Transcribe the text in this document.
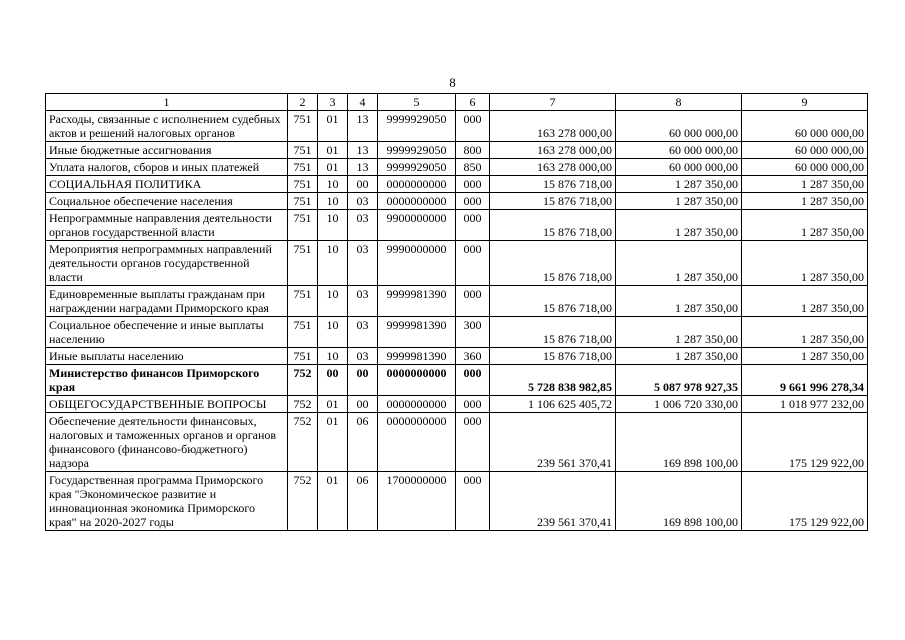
8
1	2	3	4	5	6	7	8	9
Расходы, связанные с исполнением судебных актов и решений налоговых органов	751	01	13	9999929050	000	163 278 000,00	60 000 000,00	60 000 000,00
Иные бюджетные ассигнования	751	01	13	9999929050	800	163 278 000,00	60 000 000,00	60 000 000,00
Уплата налогов, сборов и иных платежей	751	01	13	9999929050	850	163 278 000,00	60 000 000,00	60 000 000,00
СОЦИАЛЬНАЯ ПОЛИТИКА	751	10	00	0000000000	000	15 876 718,00	1 287 350,00	1 287 350,00
Социальное обеспечение населения	751	10	03	0000000000	000	15 876 718,00	1 287 350,00	1 287 350,00
Непрограммные направления деятельности органов государственной власти	751	10	03	9900000000	000	15 876 718,00	1 287 350,00	1 287 350,00
Мероприятия непрограммных направлений деятельности органов государственной власти	751	10	03	9990000000	000	15 876 718,00	1 287 350,00	1 287 350,00
Единовременные выплаты гражданам при награждении наградами Приморского края	751	10	03	9999981390	000	15 876 718,00	1 287 350,00	1 287 350,00
Социальное обеспечение и иные выплаты населению	751	10	03	9999981390	300	15 876 718,00	1 287 350,00	1 287 350,00
Иные выплаты населению	751	10	03	9999981390	360	15 876 718,00	1 287 350,00	1 287 350,00
Министерство финансов Приморского края	752	00	00	0000000000	000	5 728 838 982,85	5 087 978 927,35	9 661 996 278,34
ОБЩЕГОСУДАРСТВЕННЫЕ ВОПРОСЫ	752	01	00	0000000000	000	1 106 625 405,72	1 006 720 330,00	1 018 977 232,00
Обеспечение деятельности финансовых, налоговых и таможенных органов и органов финансового (финансово-бюджетного) надзора	752	01	06	0000000000	000	239 561 370,41	169 898 100,00	175 129 922,00
Государственная программа Приморского края "Экономическое развитие и инновационная экономика Приморского края" на 2020-2027 годы	752	01	06	1700000000	000	239 561 370,41	169 898 100,00	175 129 922,00
